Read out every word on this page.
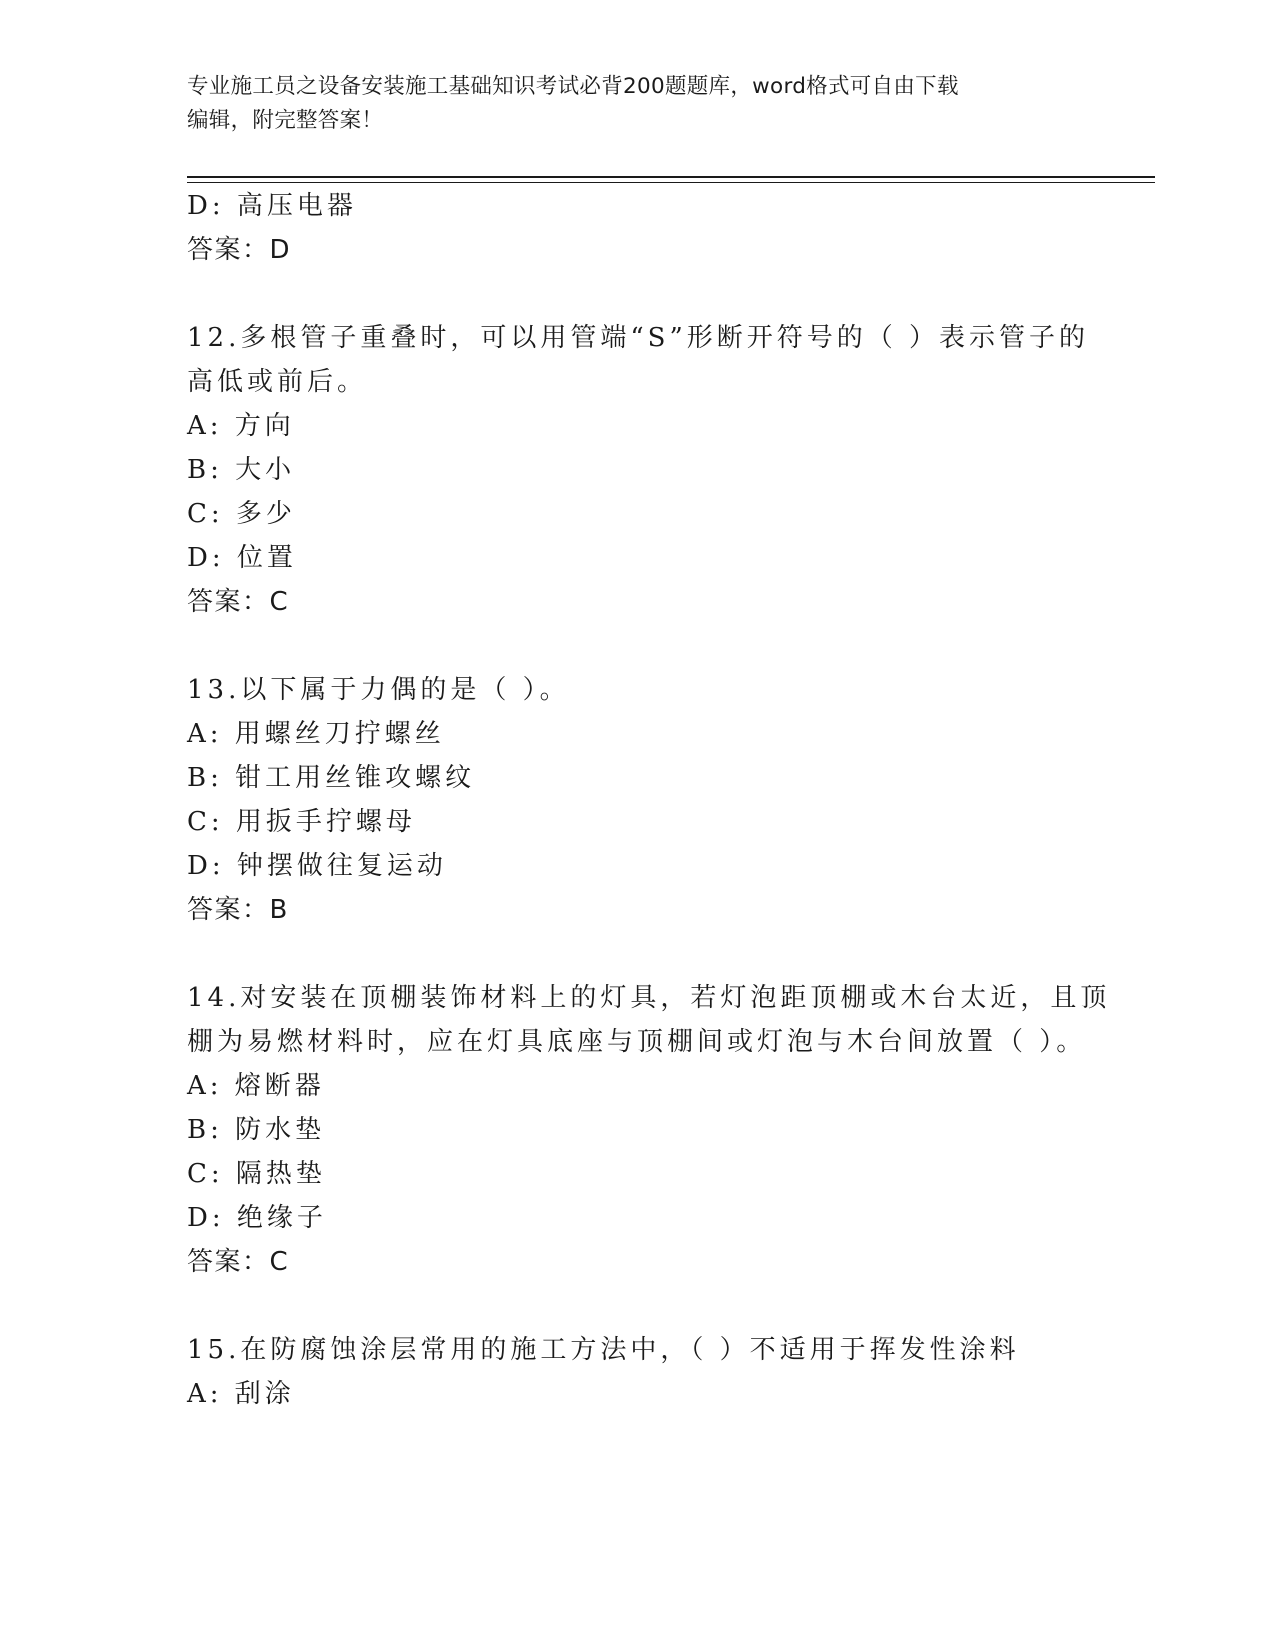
专业施工员之设备安装施工基础知识考试必背200题题库，word格式可自由下载
编辑，附完整答案！
D: 高压电器
答案：D
12.多根管子重叠时，可以用管端“S”形断开符号的（ ）表示管子的
高低或前后。
A: 方向
B: 大小
C: 多少
D: 位置
答案：C
13.以下属于力偶的是（ ）。
A: 用螺丝刀拧螺丝
B: 钳工用丝锥攻螺纹
C: 用扳手拧螺母
D: 钟摆做往复运动
答案：B
14.对安装在顶棚装饰材料上的灯具，若灯泡距顶棚或木台太近，且顶
棚为易燃材料时，应在灯具底座与顶棚间或灯泡与木台间放置（ ）。
A: 熔断器
B: 防水垫
C: 隔热垫
D: 绝缘子
答案：C
15.在防腐蚀涂层常用的施工方法中，（ ）不适用于挥发性涂料
A: 刮涂
